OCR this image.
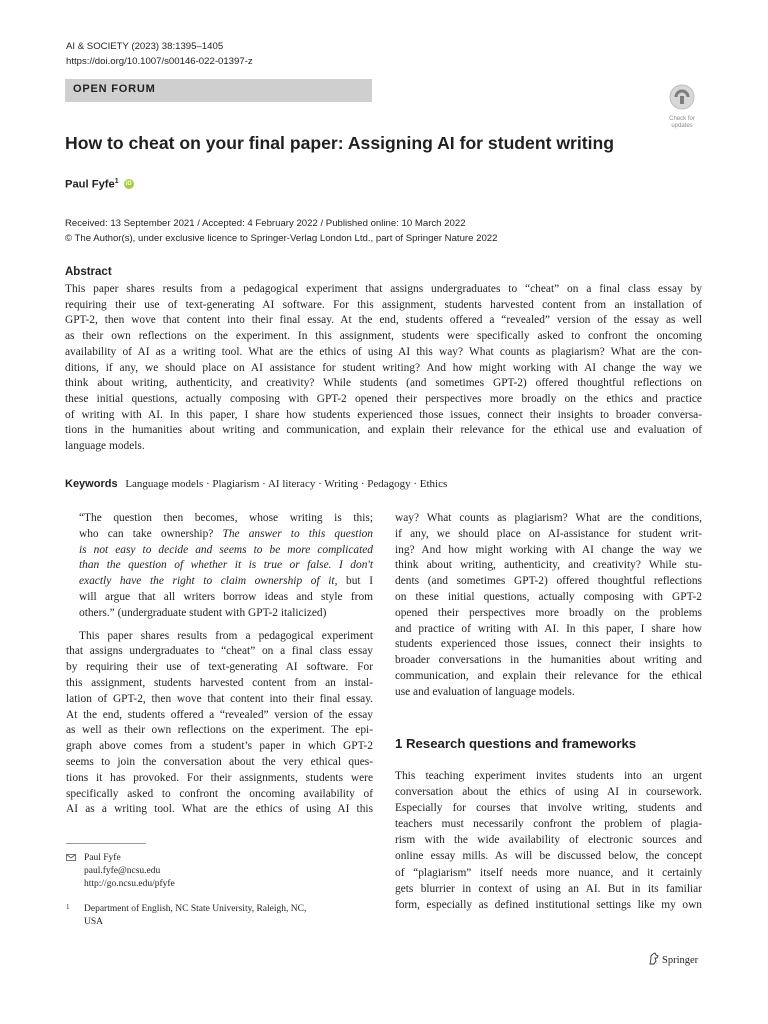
AI & SOCIETY (2023) 38:1395–1405
https://doi.org/10.1007/s00146-022-01397-z
OPEN FORUM
Check for
updates
How to cheat on your final paper: Assigning AI for student writing
Paul Fyfe$^1$	iD
Received: 13 September 2021 / Accepted: 4 February 2022 / Published online: 10 March 2022
© The Author(s), under exclusive licence to Springer-Verlag London Ltd., part of Springer Nature 2022
Abstract
This paper shares results from a pedagogical experiment that assigns undergraduates to “cheat” on a final class essay by
requiring their use of text-generating AI software. For this assignment, students harvested content from an installation of
GPT-2, then wove that content into their final essay. At the end, students offered a “revealed” version of the essay as well
as their own reflections on the experiment. In this assignment, students were specifically asked to confront the oncoming
availability of AI as a writing tool. What are the ethics of using AI this way? What counts as plagiarism? What are the con-
ditions, if any, we should place on AI assistance for student writing? And how might working with AI change the way we
think about writing, authenticity, and creativity? While students (and sometimes GPT-2) offered thoughtful reflections on
these initial questions, actually composing with GPT-2 opened their perspectives more broadly on the ethics and practice
of writing with AI. In this paper, I share how students experienced those issues, connect their insights to broader conversa-
tions in the humanities about writing and communication, and explain their relevance for the ethical use and evaluation of
language models.
Keywords Language models · Plagiarism · AI literacy · Writing · Pedagogy · Ethics
“The question then becomes, whose writing is this;
who can take ownership? The answer to this question
is not easy to decide and seems to be more complicated
than the question of whether it is true or false. I don't
exactly have the right to claim ownership of it, but I
will argue that all writers borrow ideas and style from
others.” (undergraduate student with GPT-2 italicized)
This paper shares results from a pedagogical experiment
that assigns undergraduates to “cheat” on a final class essay
by requiring their use of text-generating AI software. For
this assignment, students harvested content from an instal-
lation of GPT-2, then wove that content into their final essay.
At the end, students offered a “revealed” version of the essay
as well as their own reflections on the experiment. The epi-
graph above comes from a student’s paper in which GPT-2
seems to join the conversation about the very ethical ques-
tions it has provoked. For their assignments, students were
specifically asked to confront the oncoming availability of
AI as a writing tool. What are the ethics of using AI this
way? What counts as plagiarism? What are the conditions,
if any, we should place on AI-assistance for student writ-
ing? And how might working with AI change the way we
think about writing, authenticity, and creativity? While stu-
dents (and sometimes GPT-2) offered thoughtful reflections
on these initial questions, actually composing with GPT-2
opened their perspectives more broadly on the problems
and practice of writing with AI. In this paper, I share how
students experienced those issues, connect their insights to
broader conversations in the humanities about writing and
communication, and explain their relevance for the ethical
use and evaluation of language models.
1 Research questions and frameworks
This teaching experiment invites students into an urgent
conversation about the ethics of using AI in coursework.
Especially for courses that involve writing, students and
teachers must necessarily confront the problem of plagia-
rism with the wide availability of electronic sources and
online essay mills. As will be discussed below, the concept
of “plagiarism” itself needs more nuance, and it certainly
gets blurrier in context of using an AI. But in its familiar
form, especially as defined institutional settings like my own
Paul Fyfe
paul.fyfe@ncsu.edu
http://go.ncsu.edu/pfyfe
1 Department of English, NC State University, Raleigh, NC,
USA
Springer
